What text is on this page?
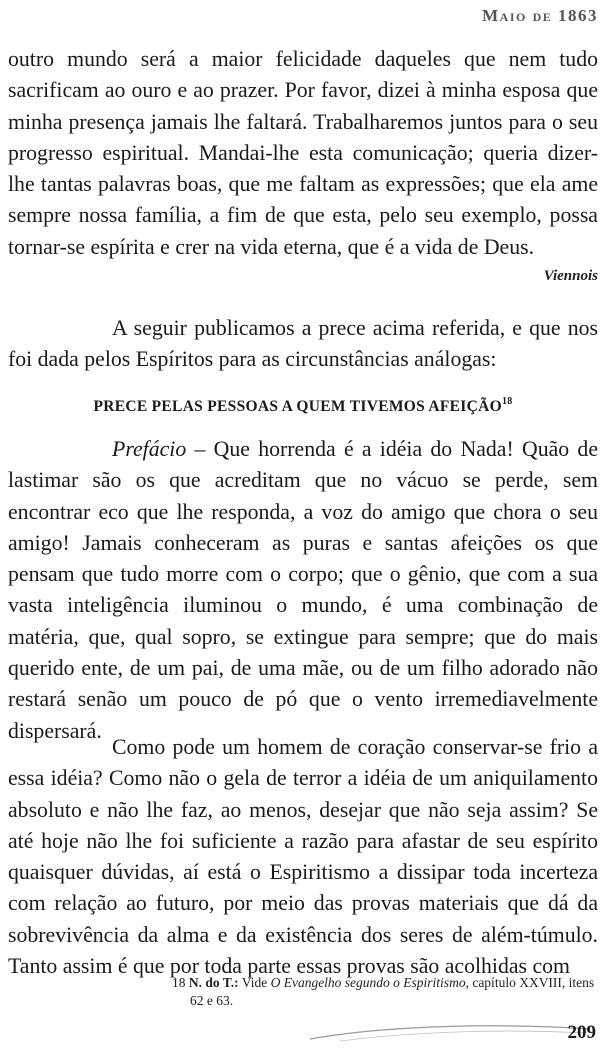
Maio de 1863
outro mundo será a maior felicidade daqueles que nem tudo sacrificam ao ouro e ao prazer. Por favor, dizei à minha esposa que minha presença jamais lhe faltará. Trabalharemos juntos para o seu progresso espiritual. Mandai-lhe esta comunicação; queria dizer-lhe tantas palavras boas, que me faltam as expressões; que ela ame sempre nossa família, a fim de que esta, pelo seu exemplo, possa tornar-se espírita e crer na vida eterna, que é a vida de Deus.
Viennois
A seguir publicamos a prece acima referida, e que nos foi dada pelos Espíritos para as circunstâncias análogas:
PRECE PELAS PESSOAS A QUEM TIVEMOS AFEIÇÃO$^{18}$
Prefácio – Que horrenda é a idéia do Nada! Quão de lastimar são os que acreditam que no vácuo se perde, sem encontrar eco que lhe responda, a voz do amigo que chora o seu amigo! Jamais conheceram as puras e santas afeições os que pensam que tudo morre com o corpo; que o gênio, que com a sua vasta inteligência iluminou o mundo, é uma combinação de matéria, que, qual sopro, se extingue para sempre; que do mais querido ente, de um pai, de uma mãe, ou de um filho adorado não restará senão um pouco de pó que o vento irremediavelmente dispersará.
Como pode um homem de coração conservar-se frio a essa idéia? Como não o gela de terror a idéia de um aniquilamento absoluto e não lhe faz, ao menos, desejar que não seja assim? Se até hoje não lhe foi suficiente a razão para afastar de seu espírito quaisquer dúvidas, aí está o Espiritismo a dissipar toda incerteza com relação ao futuro, por meio das provas materiais que dá da sobrevivência da alma e da existência dos seres de além-túmulo. Tanto assim é que por toda parte essas provas são acolhidas com
18 N. do T.: Vide O Evangelho segundo o Espiritismo, capítulo XXVIII, itens 62 e 63.
209
